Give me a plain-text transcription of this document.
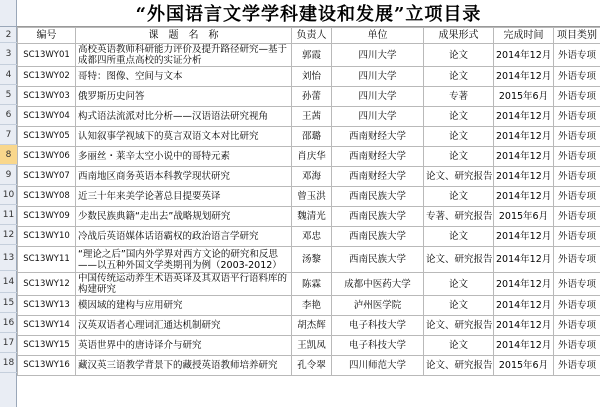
2
3
4
5
6
7
8
9
10
11
12
13
14
15
16
17
18
“外国语言文学学科建设和发展”立项目录
编号	课　题　名　称	负责人	单位	成果形式	完成时间	项目类别
SC13WY01	高校英语教师科研能力评价及提升路径研究—基于成都四所重点高校的实证分析	郭霞	四川大学	论文	2014年12月	外语专项
SC13WY02	哥特：图像、空间与文本	刘怡	四川大学	论文	2014年12月	外语专项
SC13WY03	俄罗斯历史问答	孙蕾	四川大学	专著	2015年6月	外语专项
SC13WY04	构式语法流派对比分析——汉语语法研究视角	王茜	四川大学	论文	2014年12月	外语专项
SC13WY05	认知叙事学视域下的莫言双语文本对比研究	邵璐	西南财经大学	论文	2014年12月	外语专项
SC13WY06	多丽丝・莱辛太空小说中的哥特元素	肖庆华	西南财经大学	论文	2014年12月	外语专项
SC13WY07	西南地区商务英语本科教学现状研究	邓海	西南财经大学	论文、研究报告	2014年12月	外语专项
SC13WY08	近三十年来美学论著总目提要英译	曾玉洪	西南民族大学	论文	2014年12月	外语专项
SC13WY09	少数民族典籍“走出去”战略规划研究	魏清光	西南民族大学	专著、研究报告	2015年6月	外语专项
SC13WY10	冷战后英语媒体话语霸权的政治语言学研究	邓忠	西南民族大学	论文	2014年12月	外语专项
SC13WY11	“理论之后”国内外学界对西方文论的研究和反思——以五种外国文学类期刊为例（2003-2012）	汤黎	西南民族大学	论文、研究报告	2014年12月	外语专项
SC13WY12	中国传统运动养生术语英译及其双语平行语料库的构建研究	陈霖	成都中医药大学	论文	2014年12月	外语专项
SC13WY13	模因域的建构与应用研究	李艳	泸州医学院	论文	2014年12月	外语专项
SC13WY14	汉英双语者心理词汇通达机制研究	胡杰辉	电子科技大学	论文、研究报告	2014年12月	外语专项
SC13WY15	英语世界中的唐诗译介与研究	王凯凤	电子科技大学	论文	2014年12月	外语专项
SC13WY16	藏汉英三语教学背景下的藏授英语教师培养研究	孔令翠	四川师范大学	论文、研究报告	2015年6月	外语专项
